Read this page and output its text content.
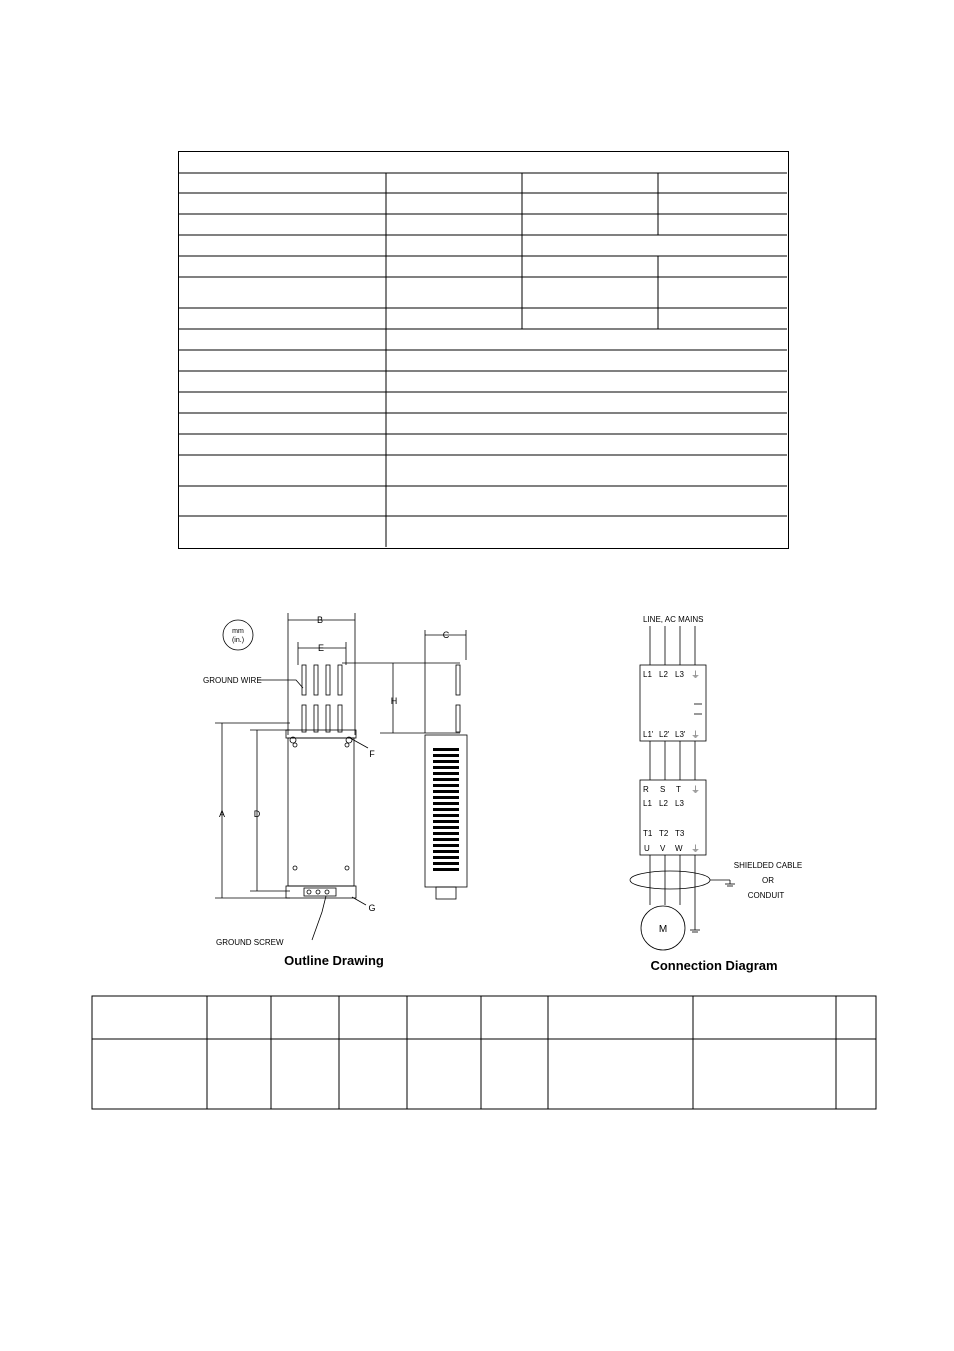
mm
(in.)
B
E
C
H
A	D
F
G
GROUND WIRE
GROUND SCREW
Outline Drawing
LINE, AC MAINS
L1 L2 L3 ⏚
L1' L2' L3' ⏚
R S T ⏚
L1 L2 L3
T1 T2 T3
U V W ⏚
SHIELDED CABLE
OR
CONDUIT
M
Connection Diagram
